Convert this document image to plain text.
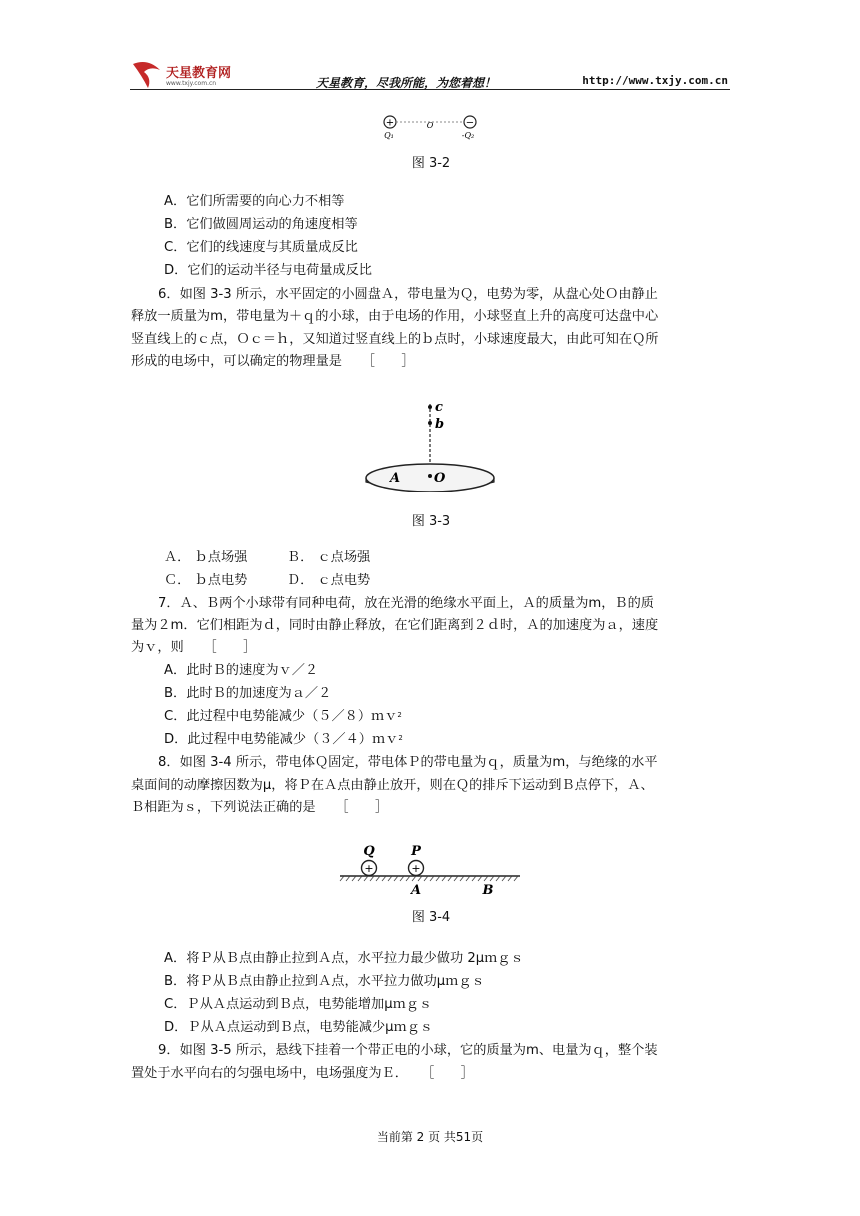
天星教育网
www.txjy.com.cn	天星教育，尽我所能，为您着想！	http://www.txjy.com.cn
+	−
Q₁
O
-Q₂
图 3-2
A．它们所需要的向心力不相等
B．它们做圆周运动的角速度相等
C．它们的线速度与其质量成反比
D．它们的运动半径与电荷量成反比
6．如图 3-3 所示，水平固定的小圆盘Ａ，带电量为Ｑ，电势为零，从盘心处Ｏ由静止
释放一质量为m，带电量为＋ｑ的小球，由于电场的作用，小球竖直上升的高度可达盘中心
竖直线上的ｃ点，Ｏｃ＝ｈ，又知道过竖直线上的ｂ点时，小球速度最大，由此可知在Ｑ所
形成的电场中，可以确定的物理量是　　［　　］
c
b
A	O
图 3-3
Ａ． ｂ点场强　　　Ｂ． ｃ点场强
Ｃ． ｂ点电势　　　Ｄ． ｃ点电势
7．Ａ、Ｂ两个小球带有同种电荷，放在光滑的绝缘水平面上，Ａ的质量为m，Ｂ的质
量为２m．它们相距为ｄ，同时由静止释放，在它们距离到２ｄ时，Ａ的加速度为ａ，速度
为ｖ，则　　［　　］
A．此时Ｂ的速度为ｖ／２
B．此时Ｂ的加速度为ａ／２
C．此过程中电势能减少（５／８）ｍｖ$^2$
D．此过程中电势能减少（３／４）ｍｖ$^2$
8．如图 3-4 所示，带电体Ｑ固定，带电体Ｐ的带电量为ｑ，质量为m，与绝缘的水平
桌面间的动摩擦因数为μ，将Ｐ在Ａ点由静止放开，则在Ｑ的排斥下运动到Ｂ点停下，Ａ、
Ｂ相距为ｓ，下列说法正确的是　　［　　］
Q	P
+	+
A	B
图 3-4
A．将Ｐ从Ｂ点由静止拉到Ａ点，水平拉力最少做功 2μｍｇｓ
B．将Ｐ从Ｂ点由静止拉到Ａ点，水平拉力做功μｍｇｓ
C．Ｐ从Ａ点运动到Ｂ点，电势能增加μｍｇｓ
D．Ｐ从Ａ点运动到Ｂ点，电势能减少μｍｇｓ
9．如图 3-5 所示，悬线下挂着一个带正电的小球，它的质量为m、电量为ｑ，整个装
置处于水平向右的匀强电场中，电场强度为Ｅ．　　［　　］
当前第 2 页 共51页
